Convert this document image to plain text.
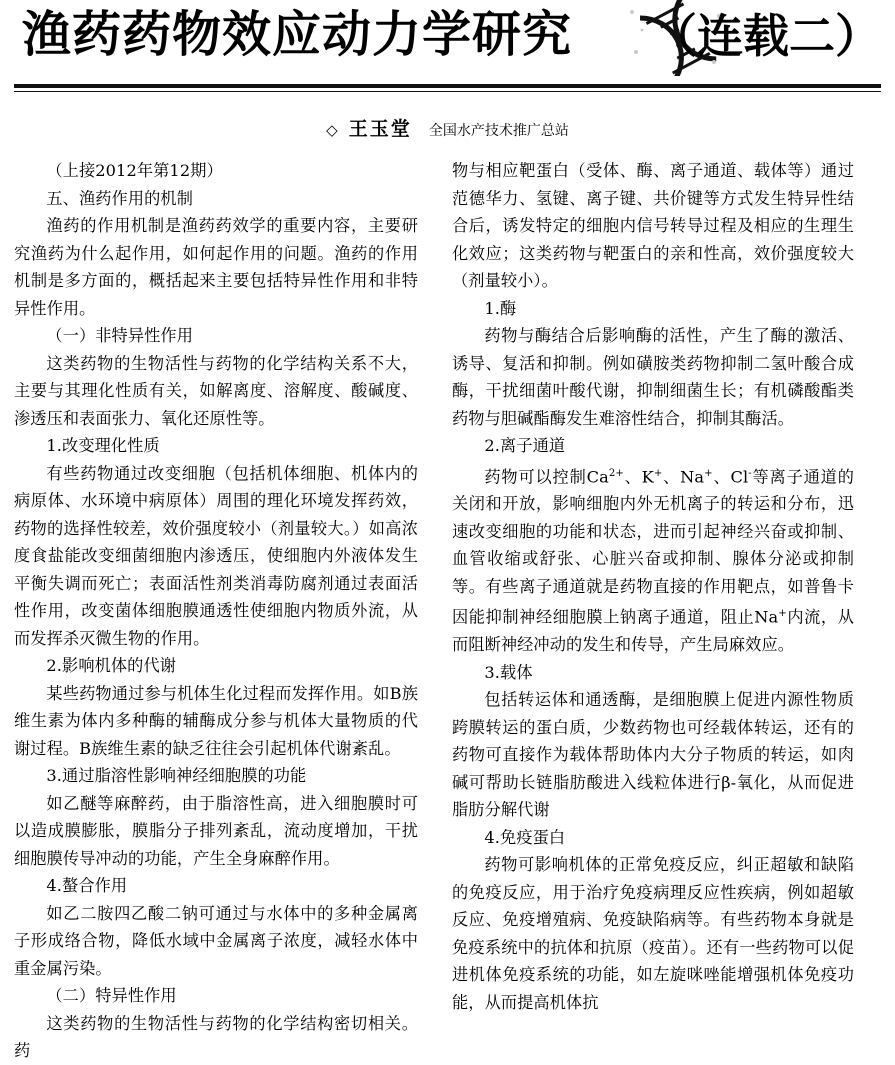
渔药药物效应动力学研究 （连载二）
◇ 王玉堂 全国水产技术推广总站

（上接2012年第12期）

五、渔药作用的机制

渔药的作用机制是渔药药效学的重要内容，主要研究渔药为什么起作用，如何起作用的问题。渔药的作用机制是多方面的，概括起来主要包括特异性作用和非特异性作用。

（一）非特异性作用

这类药物的生物活性与药物的化学结构关系不大，主要与其理化性质有关，如解离度、溶解度、酸碱度、渗透压和表面张力、氧化还原性等。

1.改变理化性质

有些药物通过改变细胞（包括机体细胞、机体内的病原体、水环境中病原体）周围的理化环境发挥药效，药物的选择性较差，效价强度较小（剂量较大。）如高浓度食盐能改变细菌细胞内渗透压，使细胞内外液体发生平衡失调而死亡；表面活性剂类消毒防腐剂通过表面活性作用，改变菌体细胞膜通透性使细胞内物质外流，从而发挥杀灭微生物的作用。

2.影响机体的代谢

某些药物通过参与机体生化过程而发挥作用。如B族维生素为体内多种酶的辅酶成分参与机体大量物质的代谢过程。B族维生素的缺乏往往会引起机体代谢紊乱。

3.通过脂溶性影响神经细胞膜的功能

如乙醚等麻醉药，由于脂溶性高，进入细胞膜时可以造成膜膨胀，膜脂分子排列紊乱，流动度增加，干扰细胞膜传导冲动的功能，产生全身麻醉作用。

4.螯合作用

如乙二胺四乙酸二钠可通过与水体中的多种金属离子形成络合物，降低水域中金属离子浓度，减轻水体中重金属污染。

（二）特异性作用

这类药物的生物活性与药物的化学结构密切相关。药

物与相应靶蛋白（受体、酶、离子通道、载体等）通过范德华力、氢键、离子键、共价键等方式发生特异性结合后，诱发特定的细胞内信号转导过程及相应的生理生化效应；这类药物与靶蛋白的亲和性高，效价强度较大（剂量较小）。

1.酶

药物与酶结合后影响酶的活性，产生了酶的激活、诱导、复活和抑制。例如磺胺类药物抑制二氢叶酸合成酶，干扰细菌叶酸代谢，抑制细菌生长；有机磷酸酯类药物与胆碱酯酶发生难溶性结合，抑制其酶活。

2.离子通道

药物可以控制$Ca^{2+}$、K+、Na+、Cl-等离子通道的关闭和开放，影响细胞内外无机离子的转运和分布，迅速改变细胞的功能和状态，进而引起神经兴奋或抑制、血管收缩或舒张、心脏兴奋或抑制、腺体分泌或抑制等。有些离子通道就是药物直接的作用靶点，如普鲁卡因能抑制神经细胞膜上钠离子通道，阻止Na+内流，从而阻断神经冲动的发生和传导，产生局麻效应。

3.载体

包括转运体和通透酶，是细胞膜上促进内源性物质跨膜转运的蛋白质，少数药物也可经载体转运，还有的药物可直接作为载体帮助体内大分子物质的转运，如肉碱可帮助长链脂肪酸进入线粒体进行β-氧化，从而促进脂肪分解代谢

4.免疫蛋白

药物可影响机体的正常免疫反应，纠正超敏和缺陷的免疫反应，用于治疗免疫病理反应性疾病，例如超敏反应、免疫增殖病、免疫缺陷病等。有些药物本身就是免疫系统中的抗体和抗原（疫苗）。还有一些药物可以促进机体免疫系统的功能，如左旋咪唑能增强机体免疫功能，从而提高机体抗
